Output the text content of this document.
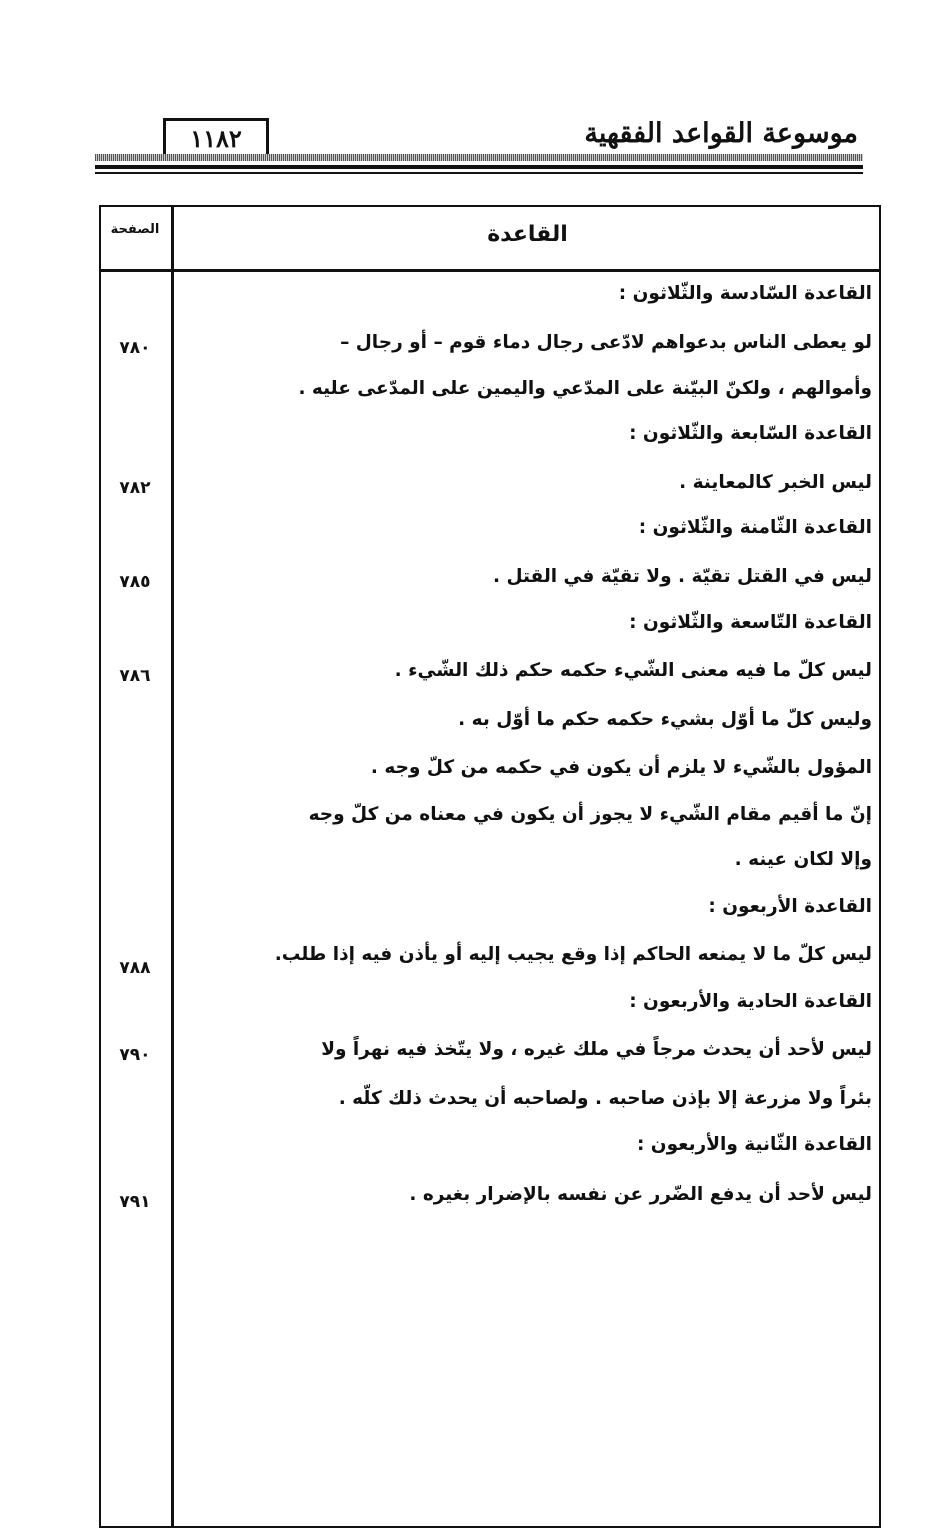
موسوعة القواعد الفقهية
١١٨٢
الصفحة	القاعدة
القاعدة السّادسة والثّلاثون :
لو يعطى الناس بدعواهم لادّعى رجال دماء قوم – أو رجال –
٧٨٠
وأموالهم ، ولكنّ البيّنة على المدّعي واليمين على المدّعى عليه .
القاعدة السّابعة والثّلاثون :
ليس الخبر كالمعاينة .
٧٨٢
القاعدة الثّامنة والثّلاثون :
ليس في القتل تقيّة . ولا تقيّة في القتل .
٧٨٥
القاعدة التّاسعة والثّلاثون :
ليس كلّ ما فيه معنى الشّيء حكمه حكم ذلك الشّيء .
٧٨٦
وليس كلّ ما أوّل بشيء حكمه حكم ما أوّل به .
المؤول بالشّيء لا يلزم أن يكون في حكمه من كلّ وجه .
إنّ ما أقيم مقام الشّيء لا يجوز أن يكون في معناه من كلّ وجه
وإلا لكان عينه .
القاعدة الأربعون :
ليس كلّ ما لا يمنعه الحاكم إذا وقع يجيب إليه أو يأذن فيه إذا طلب.
٧٨٨
القاعدة الحادية والأربعون :
ليس لأحد أن يحدث مرجاً في ملك غيره ، ولا يتّخذ فيه نهراً ولا
٧٩٠
بئراً ولا مزرعة إلا بإذن صاحبه . ولصاحبه أن يحدث ذلك كلّه .
القاعدة الثّانية والأربعون :
ليس لأحد أن يدفع الضّرر عن نفسه بالإضرار بغيره .
٧٩١
